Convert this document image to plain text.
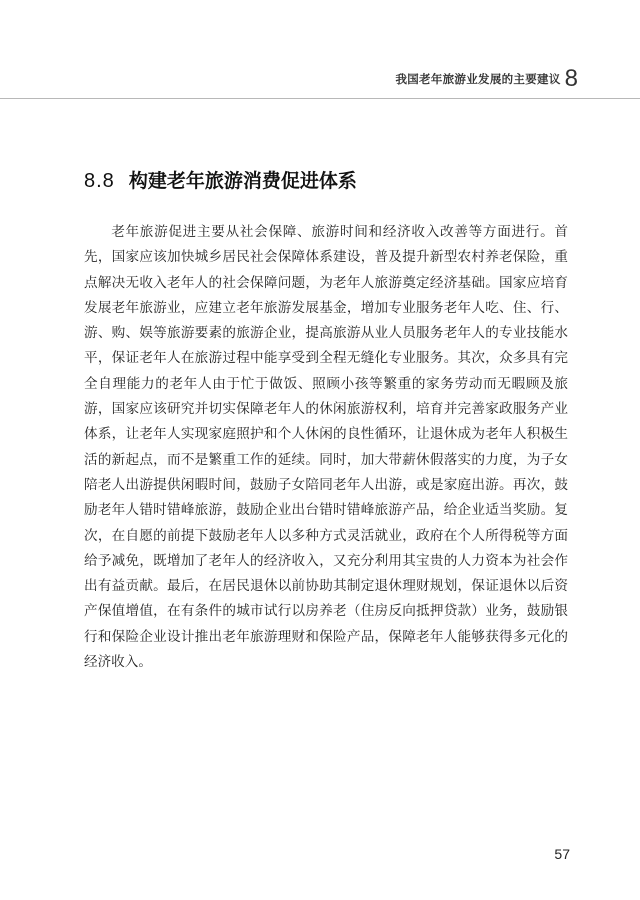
我国老年旅游业发展的主要建议 8
8.8 构建老年旅游消费促进体系

老年旅游促进主要从社会保障、旅游时间和经济收入改善等方面进行。首先，国家应该加快城乡居民社会保障体系建设，普及提升新型农村养老保险，重点解决无收入老年人的社会保障问题，为老年人旅游奠定经济基础。国家应培育发展老年旅游业，应建立老年旅游发展基金，增加专业服务老年人吃、住、行、游、购、娱等旅游要素的旅游企业，提高旅游从业人员服务老年人的专业技能水平，保证老年人在旅游过程中能享受到全程无缝化专业服务。其次，众多具有完全自理能力的老年人由于忙于做饭、照顾小孩等繁重的家务劳动而无暇顾及旅游，国家应该研究并切实保障老年人的休闲旅游权利，培育并完善家政服务产业体系，让老年人实现家庭照护和个人休闲的良性循环，让退休成为老年人积极生活的新起点，而不是繁重工作的延续。同时，加大带薪休假落实的力度，为子女陪老人出游提供闲暇时间，鼓励子女陪同老年人出游，或是家庭出游。再次，鼓励老年人错时错峰旅游，鼓励企业出台错时错峰旅游产品，给企业适当奖励。复次，在自愿的前提下鼓励老年人以多种方式灵活就业，政府在个人所得税等方面给予减免，既增加了老年人的经济收入，又充分利用其宝贵的人力资本为社会作出有益贡献。最后，在居民退休以前协助其制定退休理财规划，保证退休以后资产保值增值，在有条件的城市试行以房养老（住房反向抵押贷款）业务，鼓励银行和保险企业设计推出老年旅游理财和保险产品，保障老年人能够获得多元化的经济收入。

57
